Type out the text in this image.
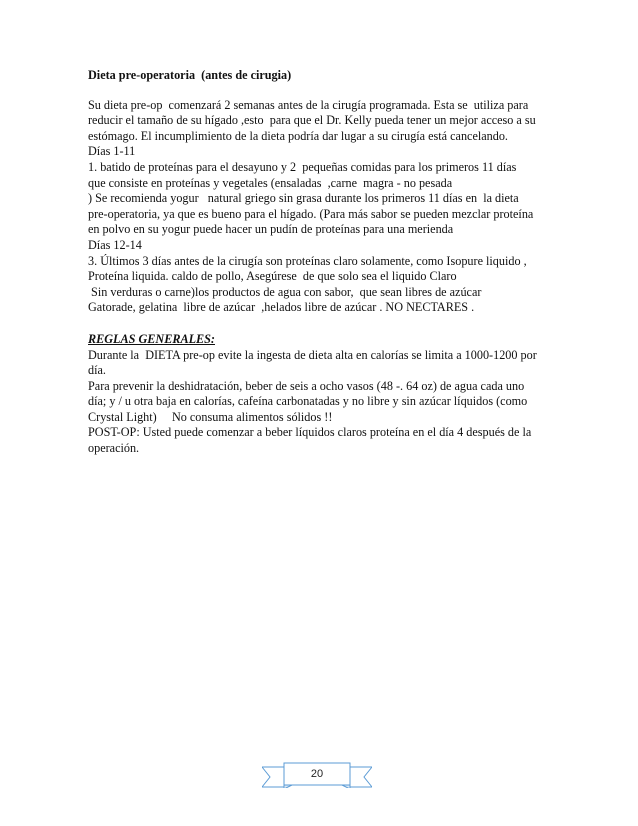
Dieta pre-operatoria  (antes de cirugia)
Su dieta pre-op  comenzará 2 semanas antes de la cirugía programada. Esta se  utiliza para
reducir el tamaño de su hígado ,esto  para que el Dr. Kelly pueda tener un mejor acceso a su
estómago. El incumplimiento de la dieta podría dar lugar a su cirugía está cancelando.
Días 1-11
1. batido de proteínas para el desayuno y 2  pequeñas comidas para los primeros 11 días
que consiste en proteínas y vegetales (ensaladas  ,carne  magra - no pesada
) Se recomienda yogur   natural griego sin grasa durante los primeros 11 días en  la dieta
pre-operatoria, ya que es bueno para el hígado. (Para más sabor se pueden mezclar proteína
en polvo en su yogur puede hacer un pudín de proteínas para una merienda
Días 12-14
3. Últimos 3 días antes de la cirugía son proteínas claro solamente, como Isopure liquido ,
Proteína liquida. caldo de pollo, Asegúrese  de que solo sea el liquido Claro
Sin verduras o carne)los productos de agua con sabor,  que sean libres de azúcar
Gatorade, gelatina  libre de azúcar  ,helados libre de azúcar . NO NECTARES .
REGLAS GENERALES:
Durante la  DIETA pre-op evite la ingesta de dieta alta en calorías se limita a 1000-1200 por
día.
Para prevenir la deshidratación, beber de seis a ocho vasos (48 -. 64 oz) de agua cada uno
día; y / u otra baja en calorías, cafeína carbonatadas y no libre y sin azúcar líquidos (como
Crystal Light)     No consuma alimentos sólidos !!
POST-OP: Usted puede comenzar a beber líquidos claros proteína en el día 4 después de la
operación.
20
